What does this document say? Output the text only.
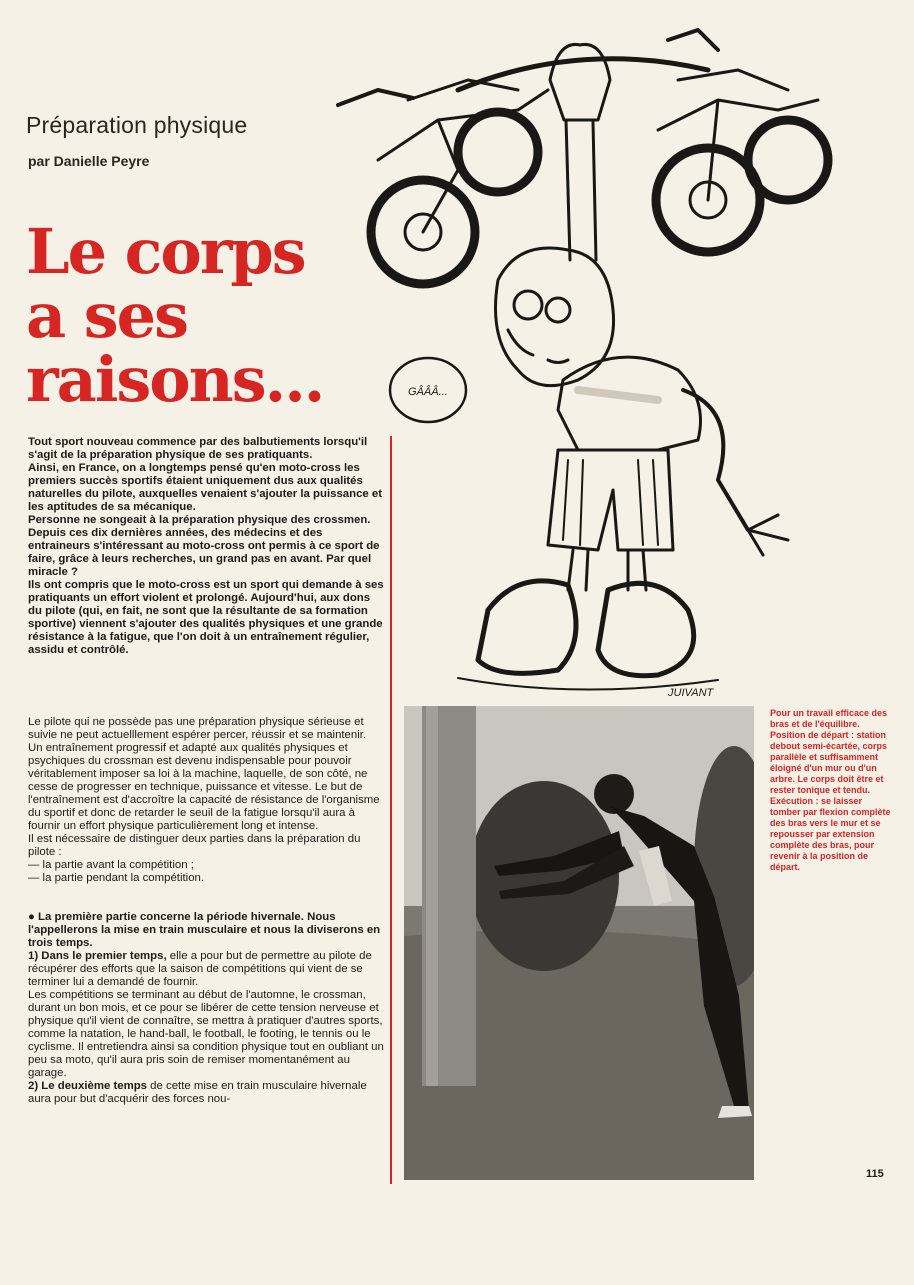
Préparation physique
par Danielle Peyre
Le corps
a ses
raisons...	GÂÂÂ...
JUIVANT

Tout sport nouveau commence par des balbutiements lorsqu'il s'agit de la préparation physique de ses pratiquants.

Ainsi, en France, on a longtemps pensé qu'en moto-cross les premiers succès sportifs étaient uniquement dus aux qualités naturelles du pilote, auxquelles venaient s'ajouter la puissance et les aptitudes de sa mécanique.

Personne ne songeait à la préparation physique des crossmen. Depuis ces dix dernières années, des médecins et des entraineurs s'intéressant au moto-cross ont permis à ce sport de faire, grâce à leurs recherches, un grand pas en avant. Par quel miracle ?

Ils ont compris que le moto-cross est un sport qui demande à ses pratiquants un effort violent et prolongé. Aujourd'hui, aux dons du pilote (qui, en fait, ne sont que la résultante de sa formation sportive) viennent s'ajouter des qualités physiques et une grande résistance à la fatigue, que l'on doit à un entraînement régulier, assidu et contrôlé.

Le pilote qui ne possède pas une préparation physique sérieuse et suivie ne peut actuelllement espérer percer, réussir et se maintenir.

Un entraînement progressif et adapté aux qualités physiques et psychiques du crossman est devenu indispensable pour pouvoir véritablement imposer sa loi à la machine, laquelle, de son côté, ne cesse de progresser en technique, puissance et vitesse. Le but de l'entraînement est d'accroître la capacité de résistance de l'organisme du sportif et donc de retarder le seuil de la fatigue lorsqu'il aura à fournir un effort physique particulièrement long et intense.

Il est nécessaire de distinguer deux parties dans la préparation du pilote :

— la partie avant la compétition ;

— la partie pendant la compétition.

● La première partie concerne la période hivernale. Nous l'appellerons la mise en train musculaire et nous la diviserons en trois temps.

1) Dans le premier temps, elle a pour but de permettre au pilote de récupérer des efforts que la saison de compétitions qui vient de se terminer lui a demandé de fournir.

Les compétitions se terminant au début de l'automne, le crossman, durant un bon mois, et ce pour se libérer de cette tension nerveuse et physique qu'il vient de connaître, se mettra à pratiquer d'autres sports, comme la natation, le hand-ball, le football, le footing, le tennis ou le cyclisme. Il entretiendra ainsi sa condition physique tout en oubliant un peu sa moto, qu'il aura pris soin de remiser momentanément au garage.

2) Le deuxième temps de cette mise en train musculaire hivernale aura pour but d'acquérir des forces nou-

Pour un travail efficace des bras et de l'équilibre.

Position de départ : station debout semi-écartée, corps parallèle et suffisamment éloigné d'un mur ou d'un arbre. Le corps doit être et rester tonique et tendu.

Exécution : se laisser tomber par flexion complète des bras vers le mur et se repousser par extension complète des bras, pour revenir à la position de départ.

115
